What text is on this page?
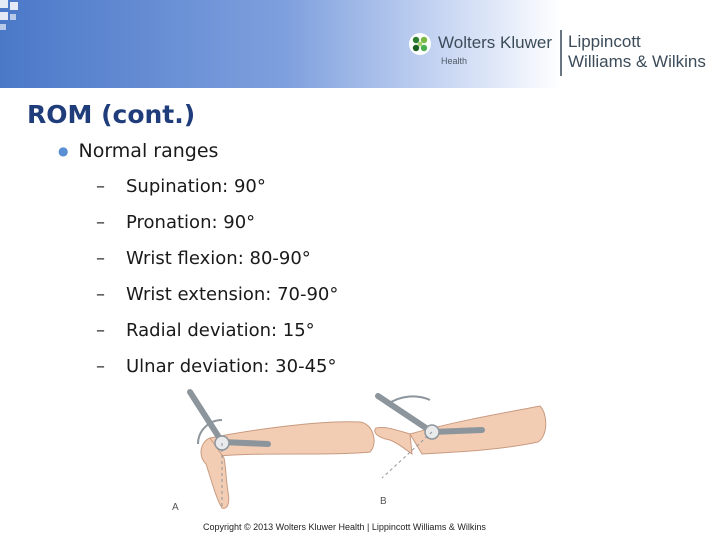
Wolters Kluwer
Health
Lippincott
Williams & Wilkins
ROM (cont.)
● Normal ranges
– Supination: 90°
– Pronation: 90°
– Wrist flexion: 80-90°
– Wrist extension: 70-90°
– Radial deviation: 15°
– Ulnar deviation: 30-45°
A
B
Copyright © 2013 Wolters Kluwer Health | Lippincott Williams & Wilkins
